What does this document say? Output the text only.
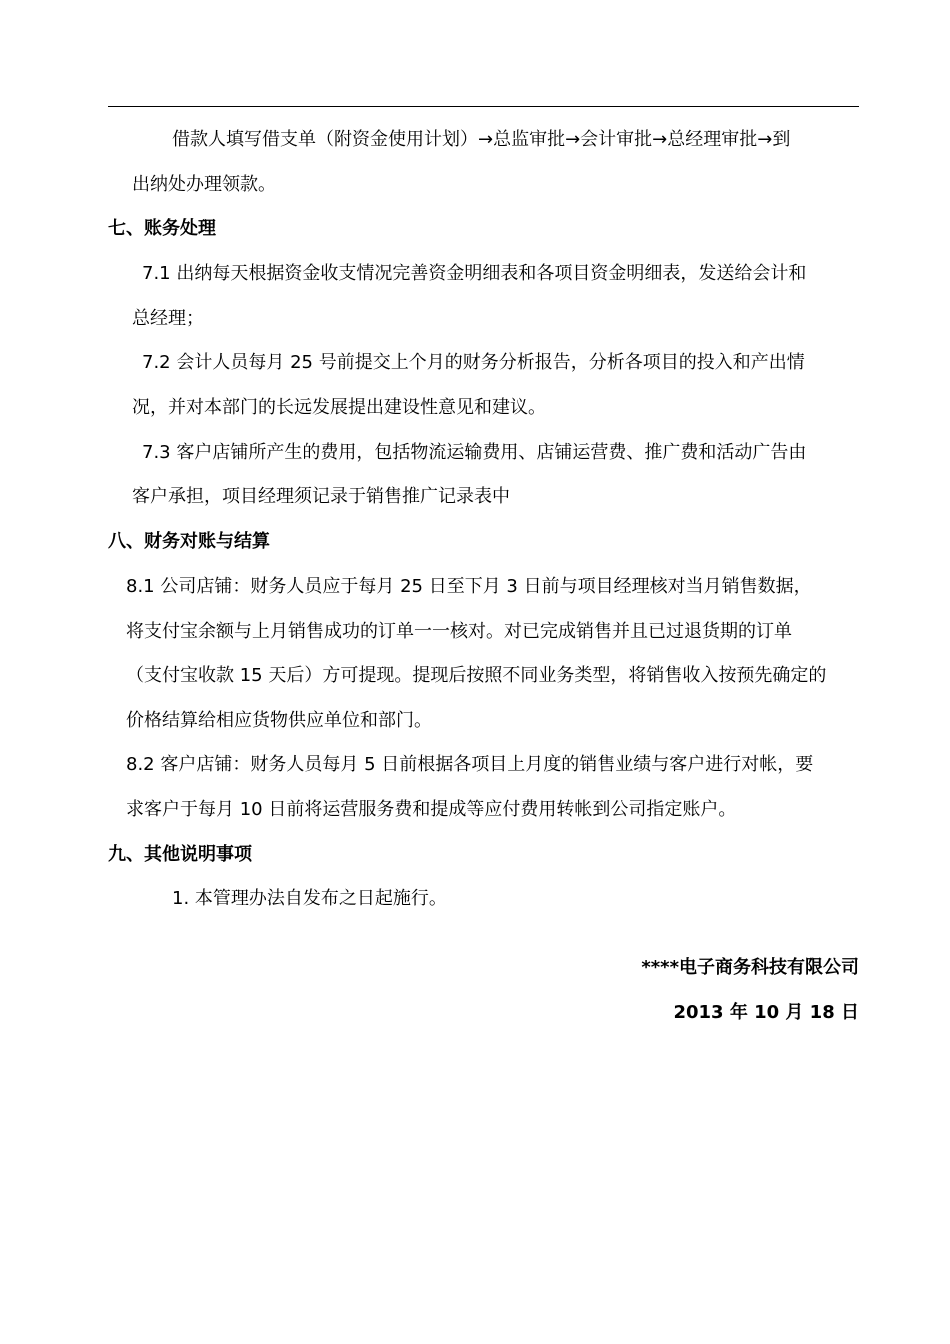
借款人填写借支单（附资金使用计划）→总监审批→会计审批→总经理审批→到
出纳处办理领款。
七、账务处理
7.1 出纳每天根据资金收支情况完善资金明细表和各项目资金明细表，发送给会计和
总经理；
7.2 会计人员每月 25 号前提交上个月的财务分析报告，分析各项目的投入和产出情
况，并对本部门的长远发展提出建设性意见和建议。
7.3 客户店铺所产生的费用，包括物流运输费用、店铺运营费、推广费和活动广告由
客户承担，项目经理须记录于销售推广记录表中
八、财务对账与结算
8.1 公司店铺：财务人员应于每月 25 日至下月 3 日前与项目经理核对当月销售数据，
将支付宝余额与上月销售成功的订单一一核对。对已完成销售并且已过退货期的订单
（支付宝收款 15 天后）方可提现。提现后按照不同业务类型，将销售收入按预先确定的
价格结算给相应货物供应单位和部门。
8.2 客户店铺：财务人员每月 5 日前根据各项目上月度的销售业绩与客户进行对帐，要
求客户于每月 10 日前将运营服务费和提成等应付费用转帐到公司指定账户。
九、其他说明事项
1. 本管理办法自发布之日起施行。
****电子商务科技有限公司
2013 年 10 月 18 日
